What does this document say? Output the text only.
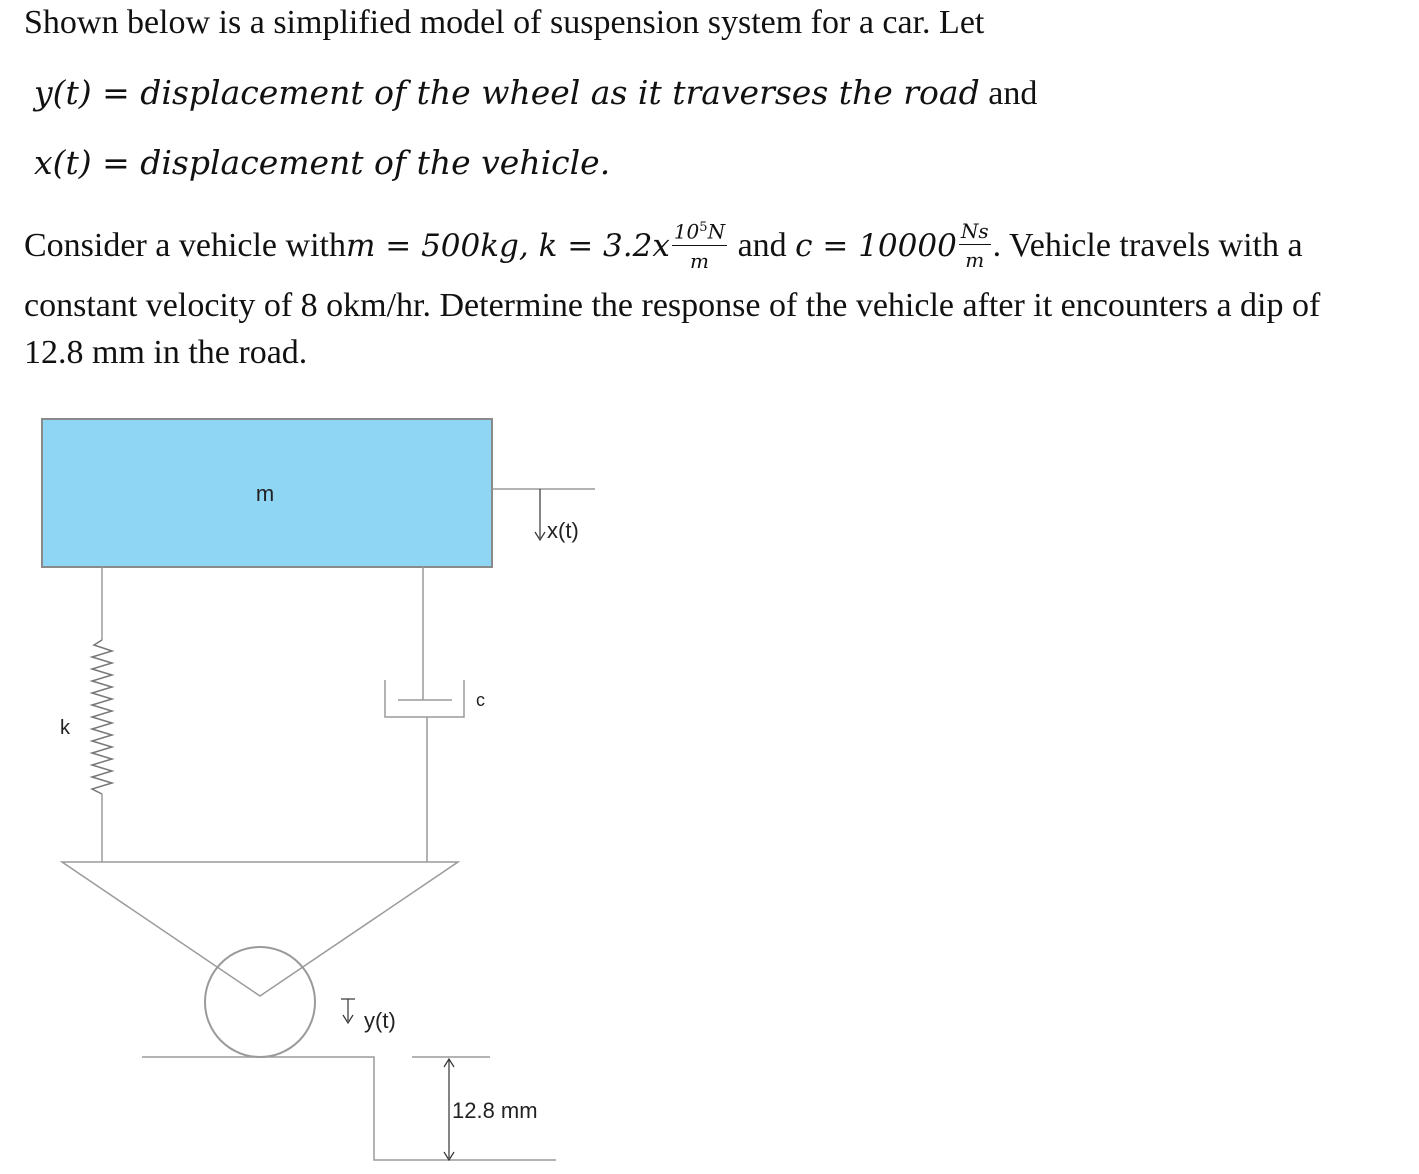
Shown below is a simplified model of suspension system for a car. Let
y(t) = displacement of the wheel as it traverses the road and
x(t) = displacement of the vehicle.
Consider a vehicle with m = 500kg, $k = 3.2x \frac{10^5N}{m}$ and $c = 10000 \frac{Ns}{m}$ . Vehicle travels with a
constant velocity of 8 okm/hr. Determine the response of the vehicle after it encounters a dip of
12.8 mm in the road.
m
x(t)
k
c
y(t)
12.8 mm
